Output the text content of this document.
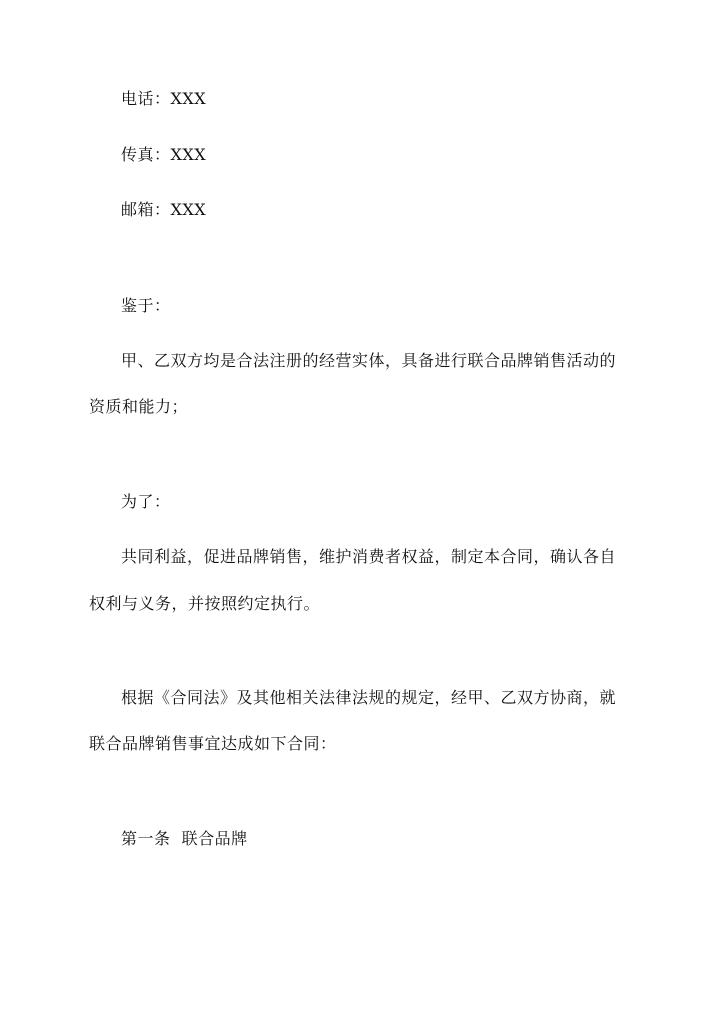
电话：XXX
传真：XXX
邮箱：XXX
鉴于：
甲、乙双方均是合法注册的经营实体，具备进行联合品牌销售活动的
资质和能力；
为了：
共同利益，促进品牌销售，维护消费者权益，制定本合同，确认各自
权利与义务，并按照约定执行。
根据《合同法》及其他相关法律法规的规定，经甲、乙双方协商，就
联合品牌销售事宜达成如下合同：
第一条  联合品牌
